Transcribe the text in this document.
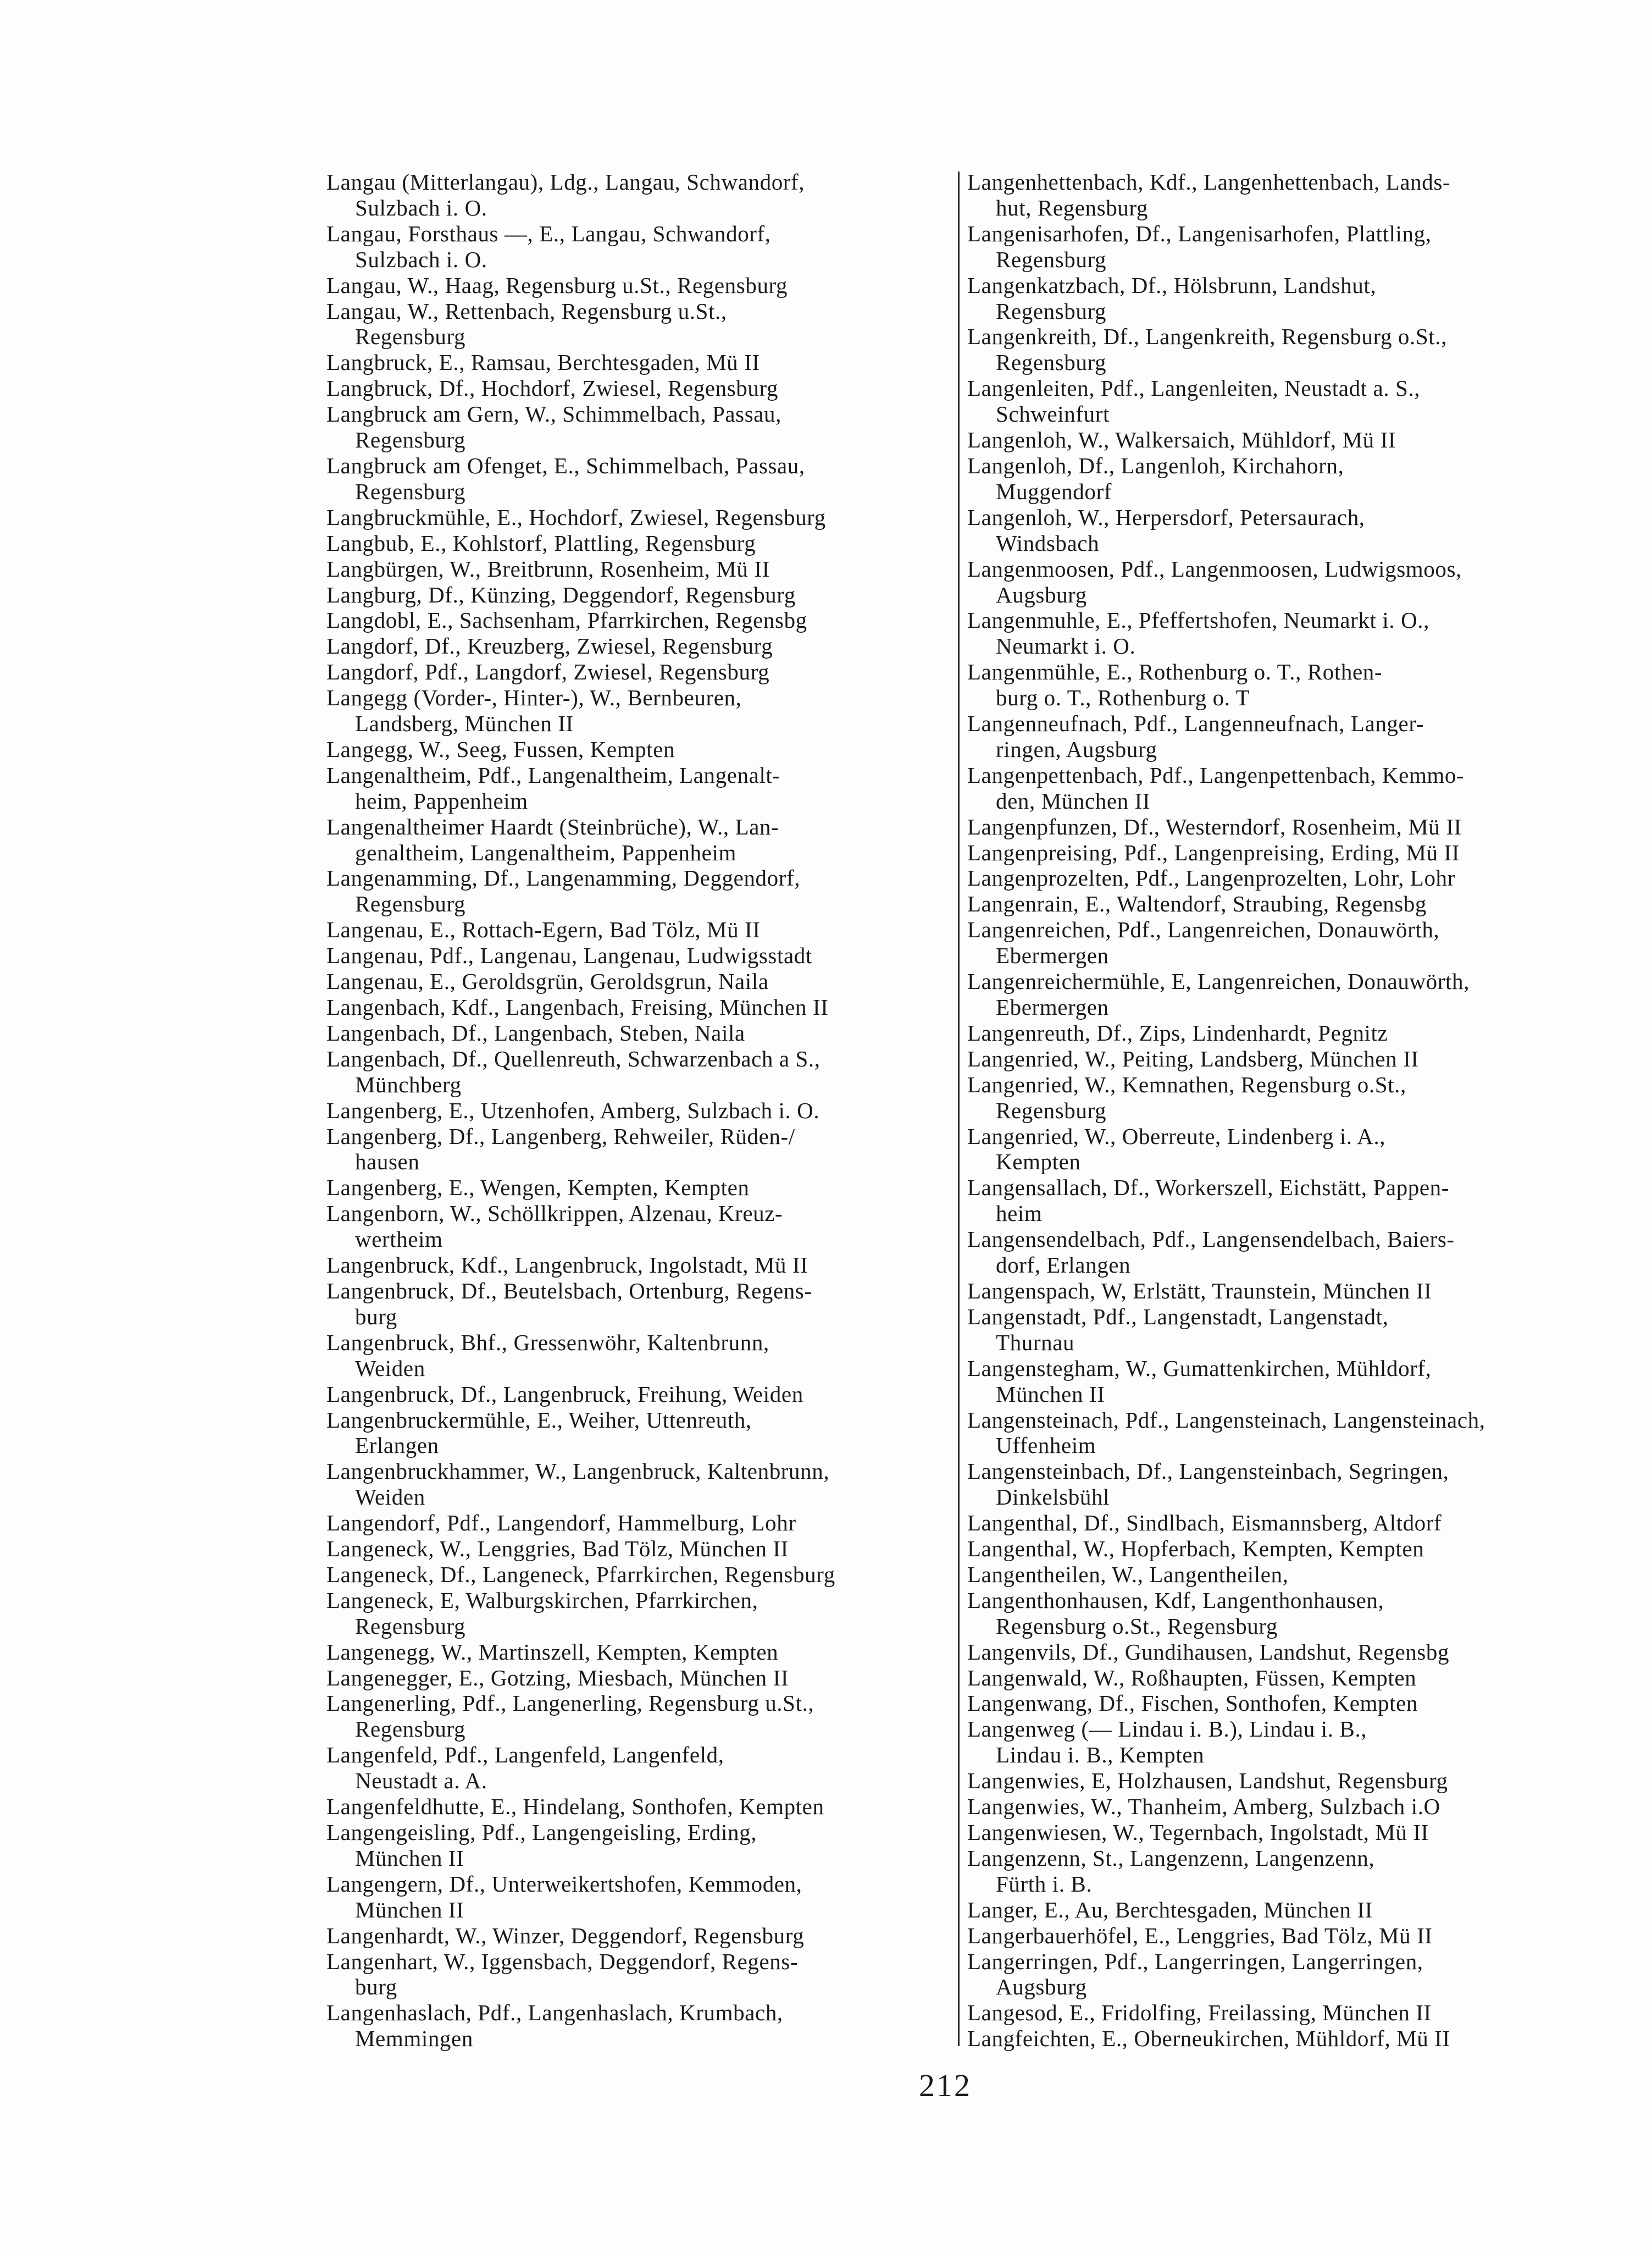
Langau (Mitterlangau), Ldg., Langau, Schwandorf,
Sulzbach i. O.
Langau, Forsthaus —, E., Langau, Schwandorf,
Sulzbach i. O.
Langau, W., Haag, Regensburg u.St., Regensburg
Langau, W., Rettenbach, Regensburg u.St.,
Regensburg
Langbruck, E., Ramsau, Berchtesgaden, Mü II
Langbruck, Df., Hochdorf, Zwiesel, Regensburg
Langbruck am Gern, W., Schimmelbach, Passau,
Regensburg
Langbruck am Ofenget, E., Schimmelbach, Passau,
Regensburg
Langbruckmühle, E., Hochdorf, Zwiesel, Regensburg
Langbub, E., Kohlstorf, Plattling, Regensburg
Langbürgen, W., Breitbrunn, Rosenheim, Mü II
Langburg, Df., Künzing, Deggendorf, Regensburg
Langdobl, E., Sachsenham, Pfarrkirchen, Regensbg
Langdorf, Df., Kreuzberg, Zwiesel, Regensburg
Langdorf, Pdf., Langdorf, Zwiesel, Regensburg
Langegg (Vorder-, Hinter-), W., Bernbeuren,
Landsberg, München II
Langegg, W., Seeg, Fussen, Kempten
Langenaltheim, Pdf., Langenaltheim, Langenalt-
heim, Pappenheim
Langenaltheimer Haardt (Steinbrüche), W., Lan-
genaltheim, Langenaltheim, Pappenheim
Langenamming, Df., Langenamming, Deggendorf,
Regensburg
Langenau, E., Rottach-Egern, Bad Tölz, Mü II
Langenau, Pdf., Langenau, Langenau, Ludwigsstadt
Langenau, E., Geroldsgrün, Geroldsgrun, Naila
Langenbach, Kdf., Langenbach, Freising, München II
Langenbach, Df., Langenbach, Steben, Naila
Langenbach, Df., Quellenreuth, Schwarzenbach a S.,
Münchberg
Langenberg, E., Utzenhofen, Amberg, Sulzbach i. O.
Langenberg, Df., Langenberg, Rehweiler, Rüden-/
hausen
Langenberg, E., Wengen, Kempten, Kempten
Langenborn, W., Schöllkrippen, Alzenau, Kreuz-
wertheim
Langenbruck, Kdf., Langenbruck, Ingolstadt, Mü II
Langenbruck, Df., Beutelsbach, Ortenburg, Regens-
burg
Langenbruck, Bhf., Gressenwöhr, Kaltenbrunn,
Weiden
Langenbruck, Df., Langenbruck, Freihung, Weiden
Langenbruckermühle, E., Weiher, Uttenreuth,
Erlangen
Langenbruckhammer, W., Langenbruck, Kaltenbrunn,
Weiden
Langendorf, Pdf., Langendorf, Hammelburg, Lohr
Langeneck, W., Lenggries, Bad Tölz, München II
Langeneck, Df., Langeneck, Pfarrkirchen, Regensburg
Langeneck, E, Walburgskirchen, Pfarrkirchen,
Regensburg
Langenegg, W., Martinszell, Kempten, Kempten
Langenegger, E., Gotzing, Miesbach, München II
Langenerling, Pdf., Langenerling, Regensburg u.St.,
Regensburg
Langenfeld, Pdf., Langenfeld, Langenfeld,
Neustadt a. A.
Langenfeldhutte, E., Hindelang, Sonthofen, Kempten
Langengeisling, Pdf., Langengeisling, Erding,
München II
Langengern, Df., Unterweikertshofen, Kemmoden,
München II
Langenhardt, W., Winzer, Deggendorf, Regensburg
Langenhart, W., Iggensbach, Deggendorf, Regens-
burg
Langenhaslach, Pdf., Langenhaslach, Krumbach,
Memmingen
Langenhettenbach, Kdf., Langenhettenbach, Lands-
hut, Regensburg
Langenisarhofen, Df., Langenisarhofen, Plattling,
Regensburg
Langenkatzbach, Df., Hölsbrunn, Landshut,
Regensburg
Langenkreith, Df., Langenkreith, Regensburg o.St.,
Regensburg
Langenleiten, Pdf., Langenleiten, Neustadt a. S.,
Schweinfurt
Langenloh, W., Walkersaich, Mühldorf, Mü II
Langenloh, Df., Langenloh, Kirchahorn,
Muggendorf
Langenloh, W., Herpersdorf, Petersaurach,
Windsbach
Langenmoosen, Pdf., Langenmoosen, Ludwigsmoos,
Augsburg
Langenmuhle, E., Pfeffertshofen, Neumarkt i. O.,
Neumarkt i. O.
Langenmühle, E., Rothenburg o. T., Rothen-
burg o. T., Rothenburg o. T
Langenneufnach, Pdf., Langenneufnach, Langer-
ringen, Augsburg
Langenpettenbach, Pdf., Langenpettenbach, Kemmo-
den, München II
Langenpfunzen, Df., Westerndorf, Rosenheim, Mü II
Langenpreising, Pdf., Langenpreising, Erding, Mü II
Langenprozelten, Pdf., Langenprozelten, Lohr, Lohr
Langenrain, E., Waltendorf, Straubing, Regensbg
Langenreichen, Pdf., Langenreichen, Donauwörth,
Ebermergen
Langenreichermühle, E, Langenreichen, Donauwörth,
Ebermergen
Langenreuth, Df., Zips, Lindenhardt, Pegnitz
Langenried, W., Peiting, Landsberg, München II
Langenried, W., Kemnathen, Regensburg o.St.,
Regensburg
Langenried, W., Oberreute, Lindenberg i. A.,
Kempten
Langensallach, Df., Workerszell, Eichstätt, Pappen-
heim
Langensendelbach, Pdf., Langensendelbach, Baiers-
dorf, Erlangen
Langenspach, W, Erlstätt, Traunstein, München II
Langenstadt, Pdf., Langenstadt, Langenstadt,
Thurnau
Langenstegham, W., Gumattenkirchen, Mühldorf,
München II
Langensteinach, Pdf., Langensteinach, Langensteinach,
Uffenheim
Langensteinbach, Df., Langensteinbach, Segringen,
Dinkelsbühl
Langenthal, Df., Sindlbach, Eismannsberg, Altdorf
Langenthal, W., Hopferbach, Kempten, Kempten
Langentheilen, W., Langentheilen,
Langenthonhausen, Kdf, Langenthonhausen,
Regensburg o.St., Regensburg
Langenvils, Df., Gundihausen, Landshut, Regensbg
Langenwald, W., Roßhaupten, Füssen, Kempten
Langenwang, Df., Fischen, Sonthofen, Kempten
Langenweg (— Lindau i. B.), Lindau i. B.,
Lindau i. B., Kempten
Langenwies, E, Holzhausen, Landshut, Regensburg
Langenwies, W., Thanheim, Amberg, Sulzbach i.O
Langenwiesen, W., Tegernbach, Ingolstadt, Mü II
Langenzenn, St., Langenzenn, Langenzenn,
Fürth i. B.
Langer, E., Au, Berchtesgaden, München II
Langerbauerhöfel, E., Lenggries, Bad Tölz, Mü II
Langerringen, Pdf., Langerringen, Langerringen,
Augsburg
Langesod, E., Fridolfing, Freilassing, München II
Langfeichten, E., Oberneukirchen, Mühldorf, Mü II
212
